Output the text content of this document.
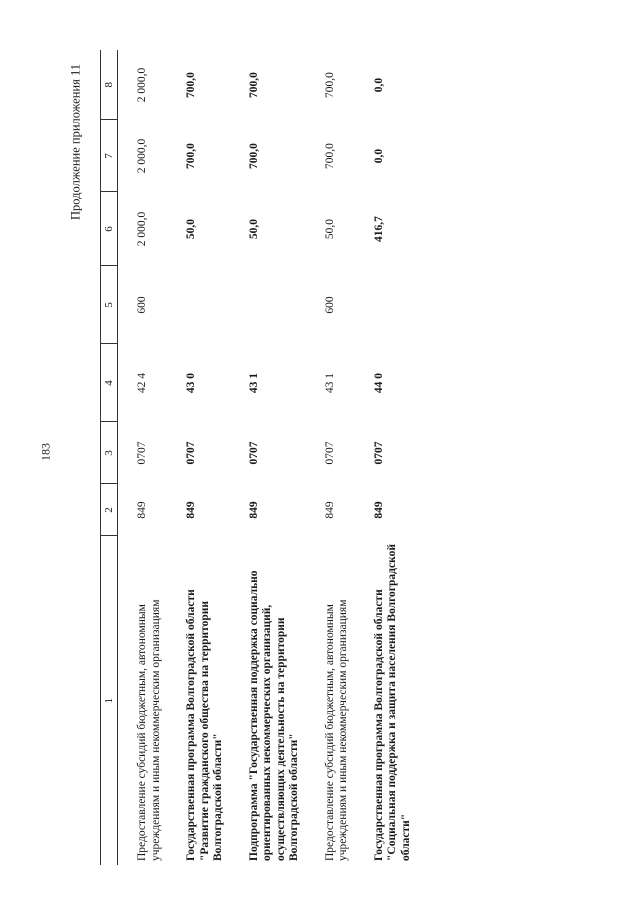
183
Продолжение приложения 11
1	2	3	4	5	6	7	8
Предоставление субсидий бюджетным, автономным учреждениям и иным некоммерческим организациям	849	0707	42 4	600	2 000,0	2 000,0	2 000,0
Государственная программа Волгоградской области "Развитие гражданского общества на территории Волгоградской области"	849	0707	43 0		50,0	700,0	700,0
Подпрограмма "Государственная поддержка социально ориентированных некоммерческих организаций, осуществляющих деятельность на территории Волгоградской области"	849	0707	43 1		50,0	700,0	700,0
Предоставление субсидий бюджетным, автономным учреждениям и иным некоммерческим организациям	849	0707	43 1	600	50,0	700,0	700,0
Государственная программа Волгоградской области "Социальная поддержка и защита населения Волгоградской области"	849	0707	44 0		416,7	0,0	0,0
